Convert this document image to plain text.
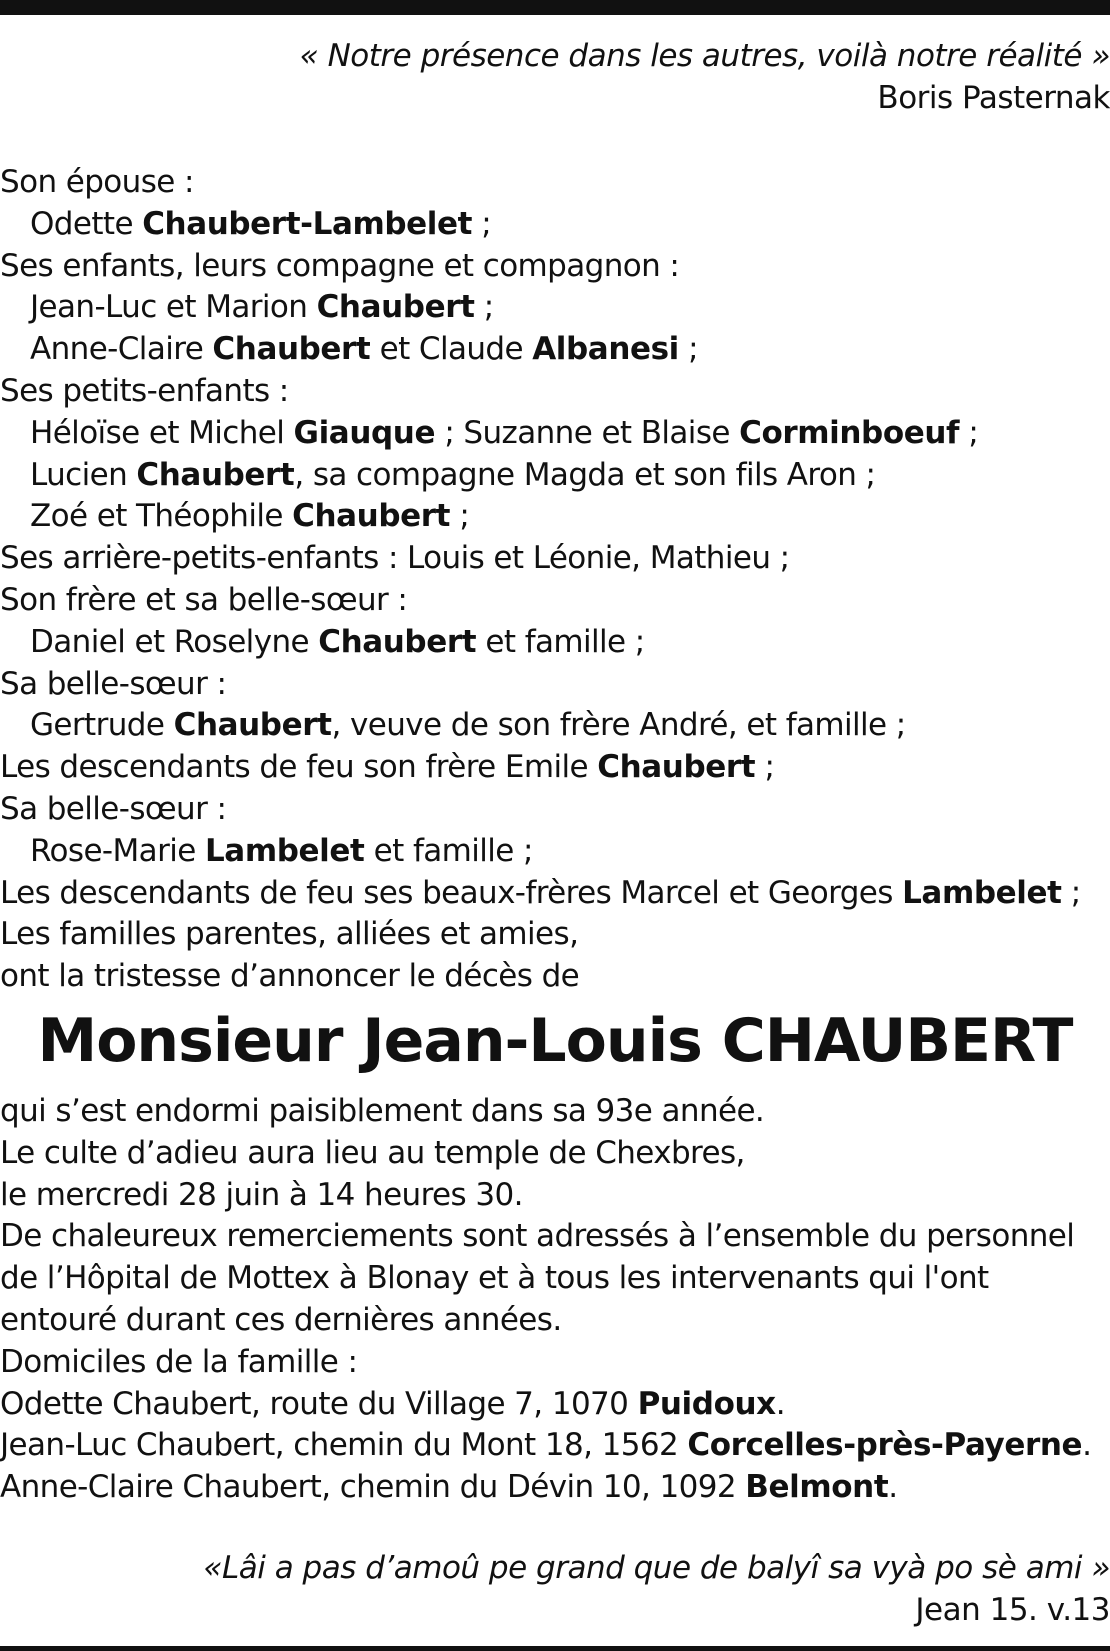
« Notre présence dans les autres, voilà notre réalité »
Boris Pasternak
Son épouse :
Odette Chaubert-Lambelet ;
Ses enfants, leurs compagne et compagnon :
Jean-Luc et Marion Chaubert ;
Anne-Claire Chaubert et Claude Albanesi ;
Ses petits-enfants :
Héloïse et Michel Giauque ; Suzanne et Blaise Corminboeuf ;
Lucien Chaubert, sa compagne Magda et son fils Aron ;
Zoé et Théophile Chaubert ;
Ses arrière-petits-enfants : Louis et Léonie, Mathieu ;
Son frère et sa belle-sœur :
Daniel et Roselyne Chaubert et famille ;
Sa belle-sœur :
Gertrude Chaubert, veuve de son frère André, et famille ;
Les descendants de feu son frère Emile Chaubert ;
Sa belle-sœur :
Rose-Marie Lambelet et famille ;
Les descendants de feu ses beaux-frères Marcel et Georges Lambelet ;
Les familles parentes, alliées et amies,
ont la tristesse d’annoncer le décès de
Monsieur Jean-Louis CHAUBERT
qui s’est endormi paisiblement dans sa 93e année.
Le culte d’adieu aura lieu au temple de Chexbres,
le mercredi 28 juin à 14 heures 30.
De chaleureux remerciements sont adressés à l’ensemble du personnel
de l’Hôpital de Mottex à Blonay et à tous les intervenants qui l'ont
entouré durant ces dernières années.
Domiciles de la famille :
Odette Chaubert, route du Village 7, 1070 Puidoux.
Jean-Luc Chaubert, chemin du Mont 18, 1562 Corcelles-près-Payerne.
Anne-Claire Chaubert, chemin du Dévin 10, 1092 Belmont.
«Lâi a pas d’amoû pe grand que de balyî sa vyà po sè ami »
Jean 15. v.13
